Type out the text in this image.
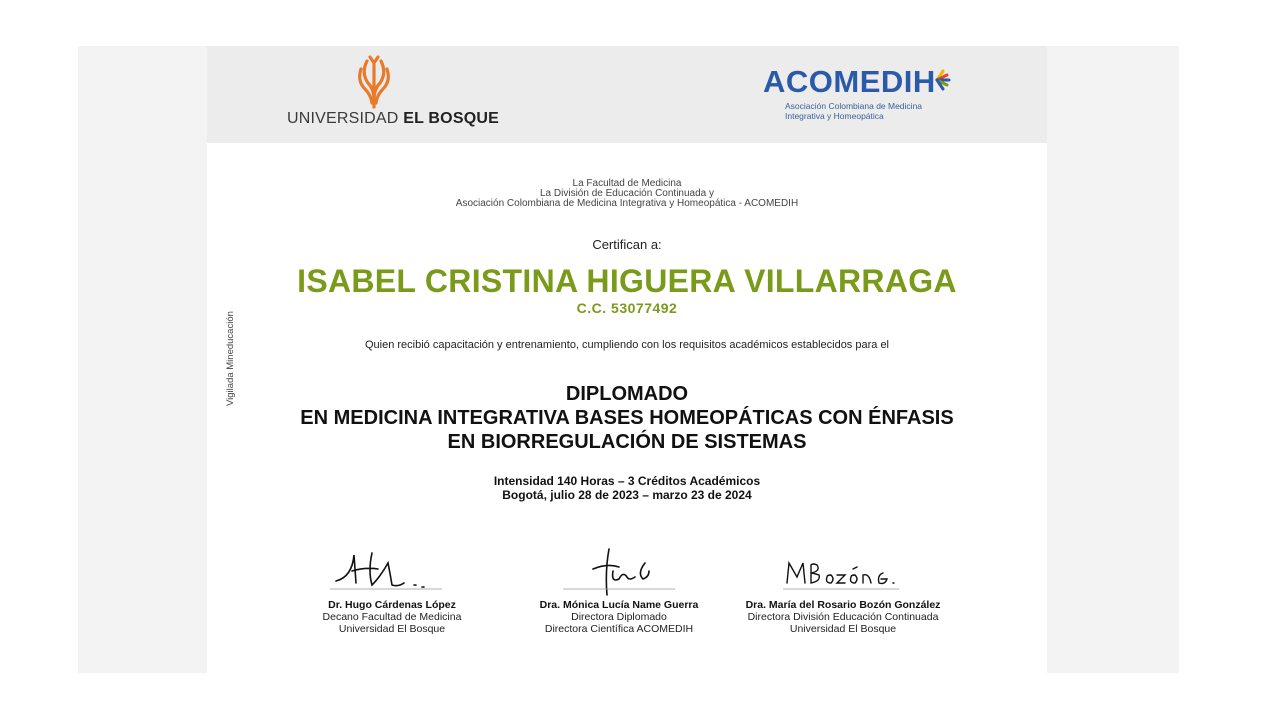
UNIVERSIDAD EL BOSQUE
ACOMEDIH
Asociación Colombiana de Medicina
Integrativa y Homeopática
La Facultad de Medicina
La División de Educación Continuada y
Asociación Colombiana de Medicina Integrativa y Homeopática - ACOMEDIH
Certifican a:
ISABEL CRISTINA HIGUERA VILLARRAGA
C.C. 53077492
Quien recibió capacitación y entrenamiento, cumpliendo con los requisitos académicos establecidos para el
DIPLOMADO
EN MEDICINA INTEGRATIVA BASES HOMEOPÁTICAS CON ÉNFASIS
EN BIORREGULACIÓN DE SISTEMAS
Intensidad 140 Horas – 3 Créditos Académicos
Bogotá, julio 28 de 2023 – marzo 23 de 2024
Vigilada Mineducación
Dr. Hugo Cárdenas López
Decano Facultad de Medicina
Universidad El Bosque
Dra. Mónica Lucía Name Guerra
Directora Diplomado
Directora Científica ACOMEDIH
Dra. María del Rosario Bozón González
Directora División Educación Continuada
Universidad El Bosque
